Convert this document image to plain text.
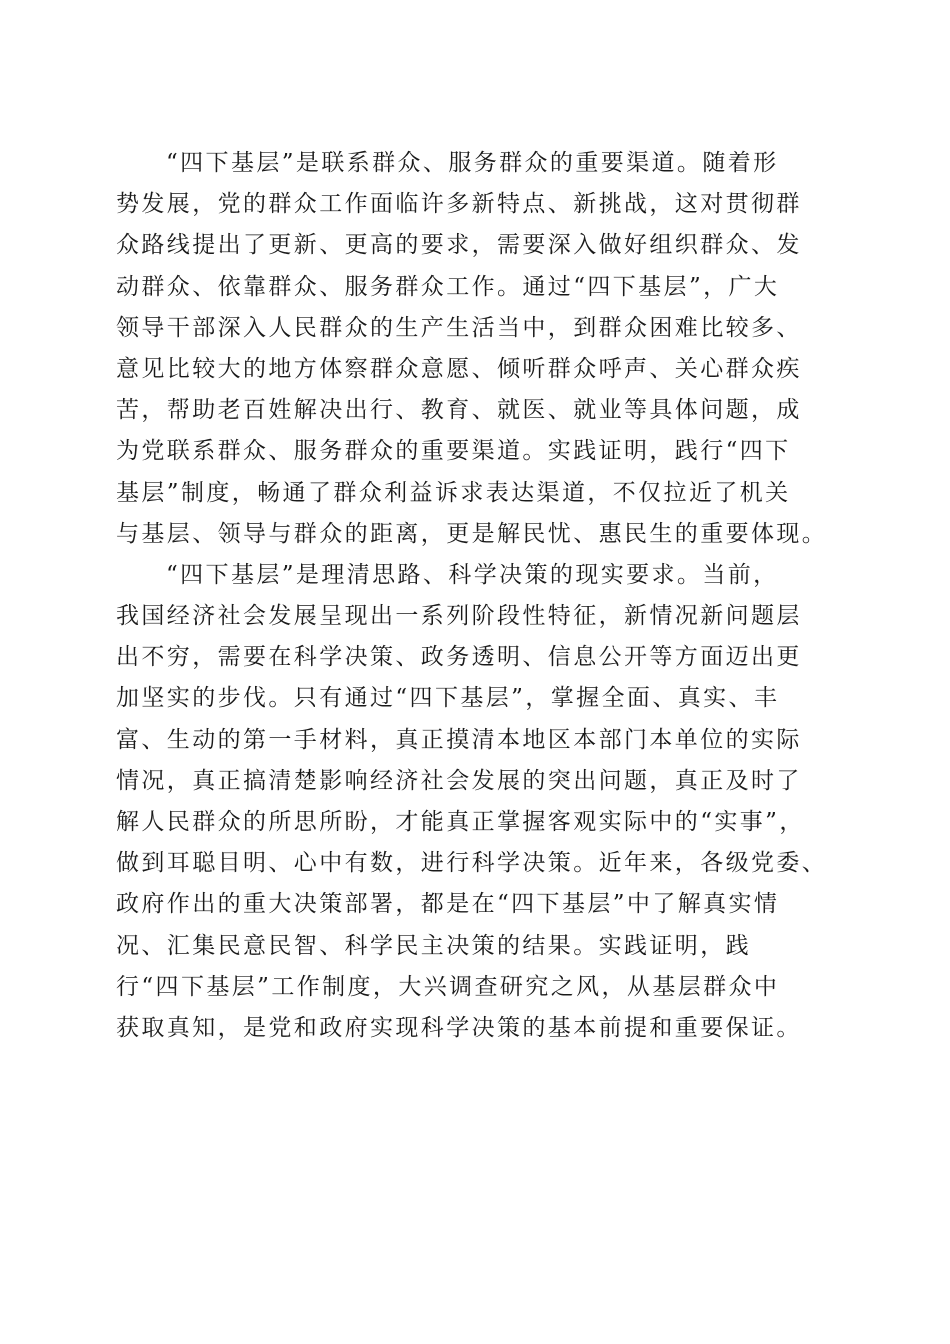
“四下基层”是联系群众、服务群众的重要渠道。随着形
势发展，党的群众工作面临许多新特点、新挑战，这对贯彻群
众路线提出了更新、更高的要求，需要深入做好组织群众、发
动群众、依靠群众、服务群众工作。通过“四下基层”，广大
领导干部深入人民群众的生产生活当中，到群众困难比较多、
意见比较大的地方体察群众意愿、倾听群众呼声、关心群众疾
苦，帮助老百姓解决出行、教育、就医、就业等具体问题，成
为党联系群众、服务群众的重要渠道。实践证明，践行“四下
基层”制度，畅通了群众利益诉求表达渠道，不仅拉近了机关
与基层、领导与群众的距离，更是解民忧、惠民生的重要体现。
“四下基层”是理清思路、科学决策的现实要求。当前，
我国经济社会发展呈现出一系列阶段性特征，新情况新问题层
出不穷，需要在科学决策、政务透明、信息公开等方面迈出更
加坚实的步伐。只有通过“四下基层”，掌握全面、真实、丰
富、生动的第一手材料，真正摸清本地区本部门本单位的实际
情况，真正搞清楚影响经济社会发展的突出问题，真正及时了
解人民群众的所思所盼，才能真正掌握客观实际中的“实事”，
做到耳聪目明、心中有数，进行科学决策。近年来，各级党委、
政府作出的重大决策部署，都是在“四下基层”中了解真实情
况、汇集民意民智、科学民主决策的结果。实践证明，践
行“四下基层”工作制度，大兴调查研究之风，从基层群众中
获取真知，是党和政府实现科学决策的基本前提和重要保证。
